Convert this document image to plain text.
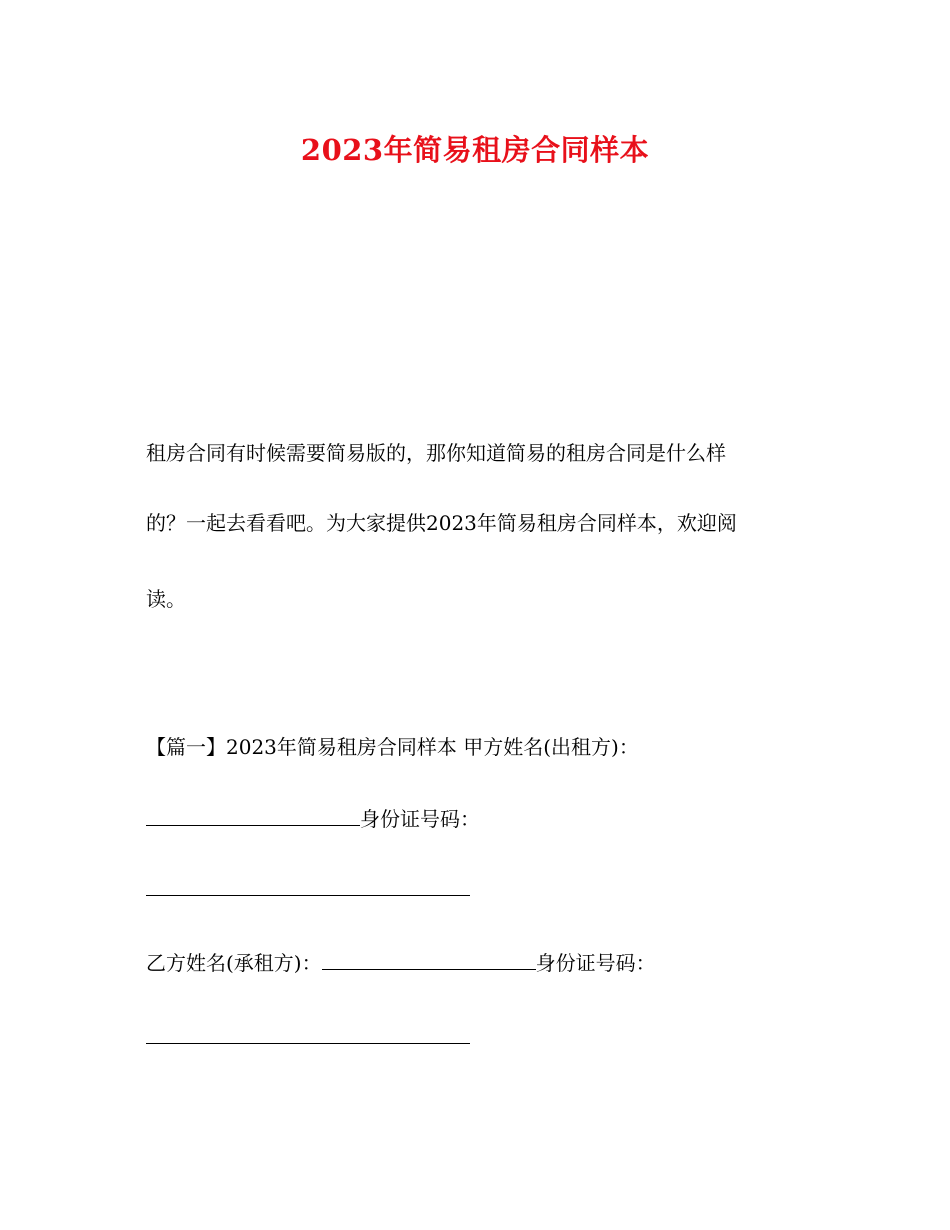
2023年简易租房合同样本
租房合同有时候需要简易版的，那你知道简易的租房合同是什么样
的？一起去看看吧。为大家提供2023年简易租房合同样本，欢迎阅
读。
【篇一】2023年简易租房合同样本 甲方姓名(出租方)：
身份证号码：
乙方姓名(承租方)：	身份证号码：
